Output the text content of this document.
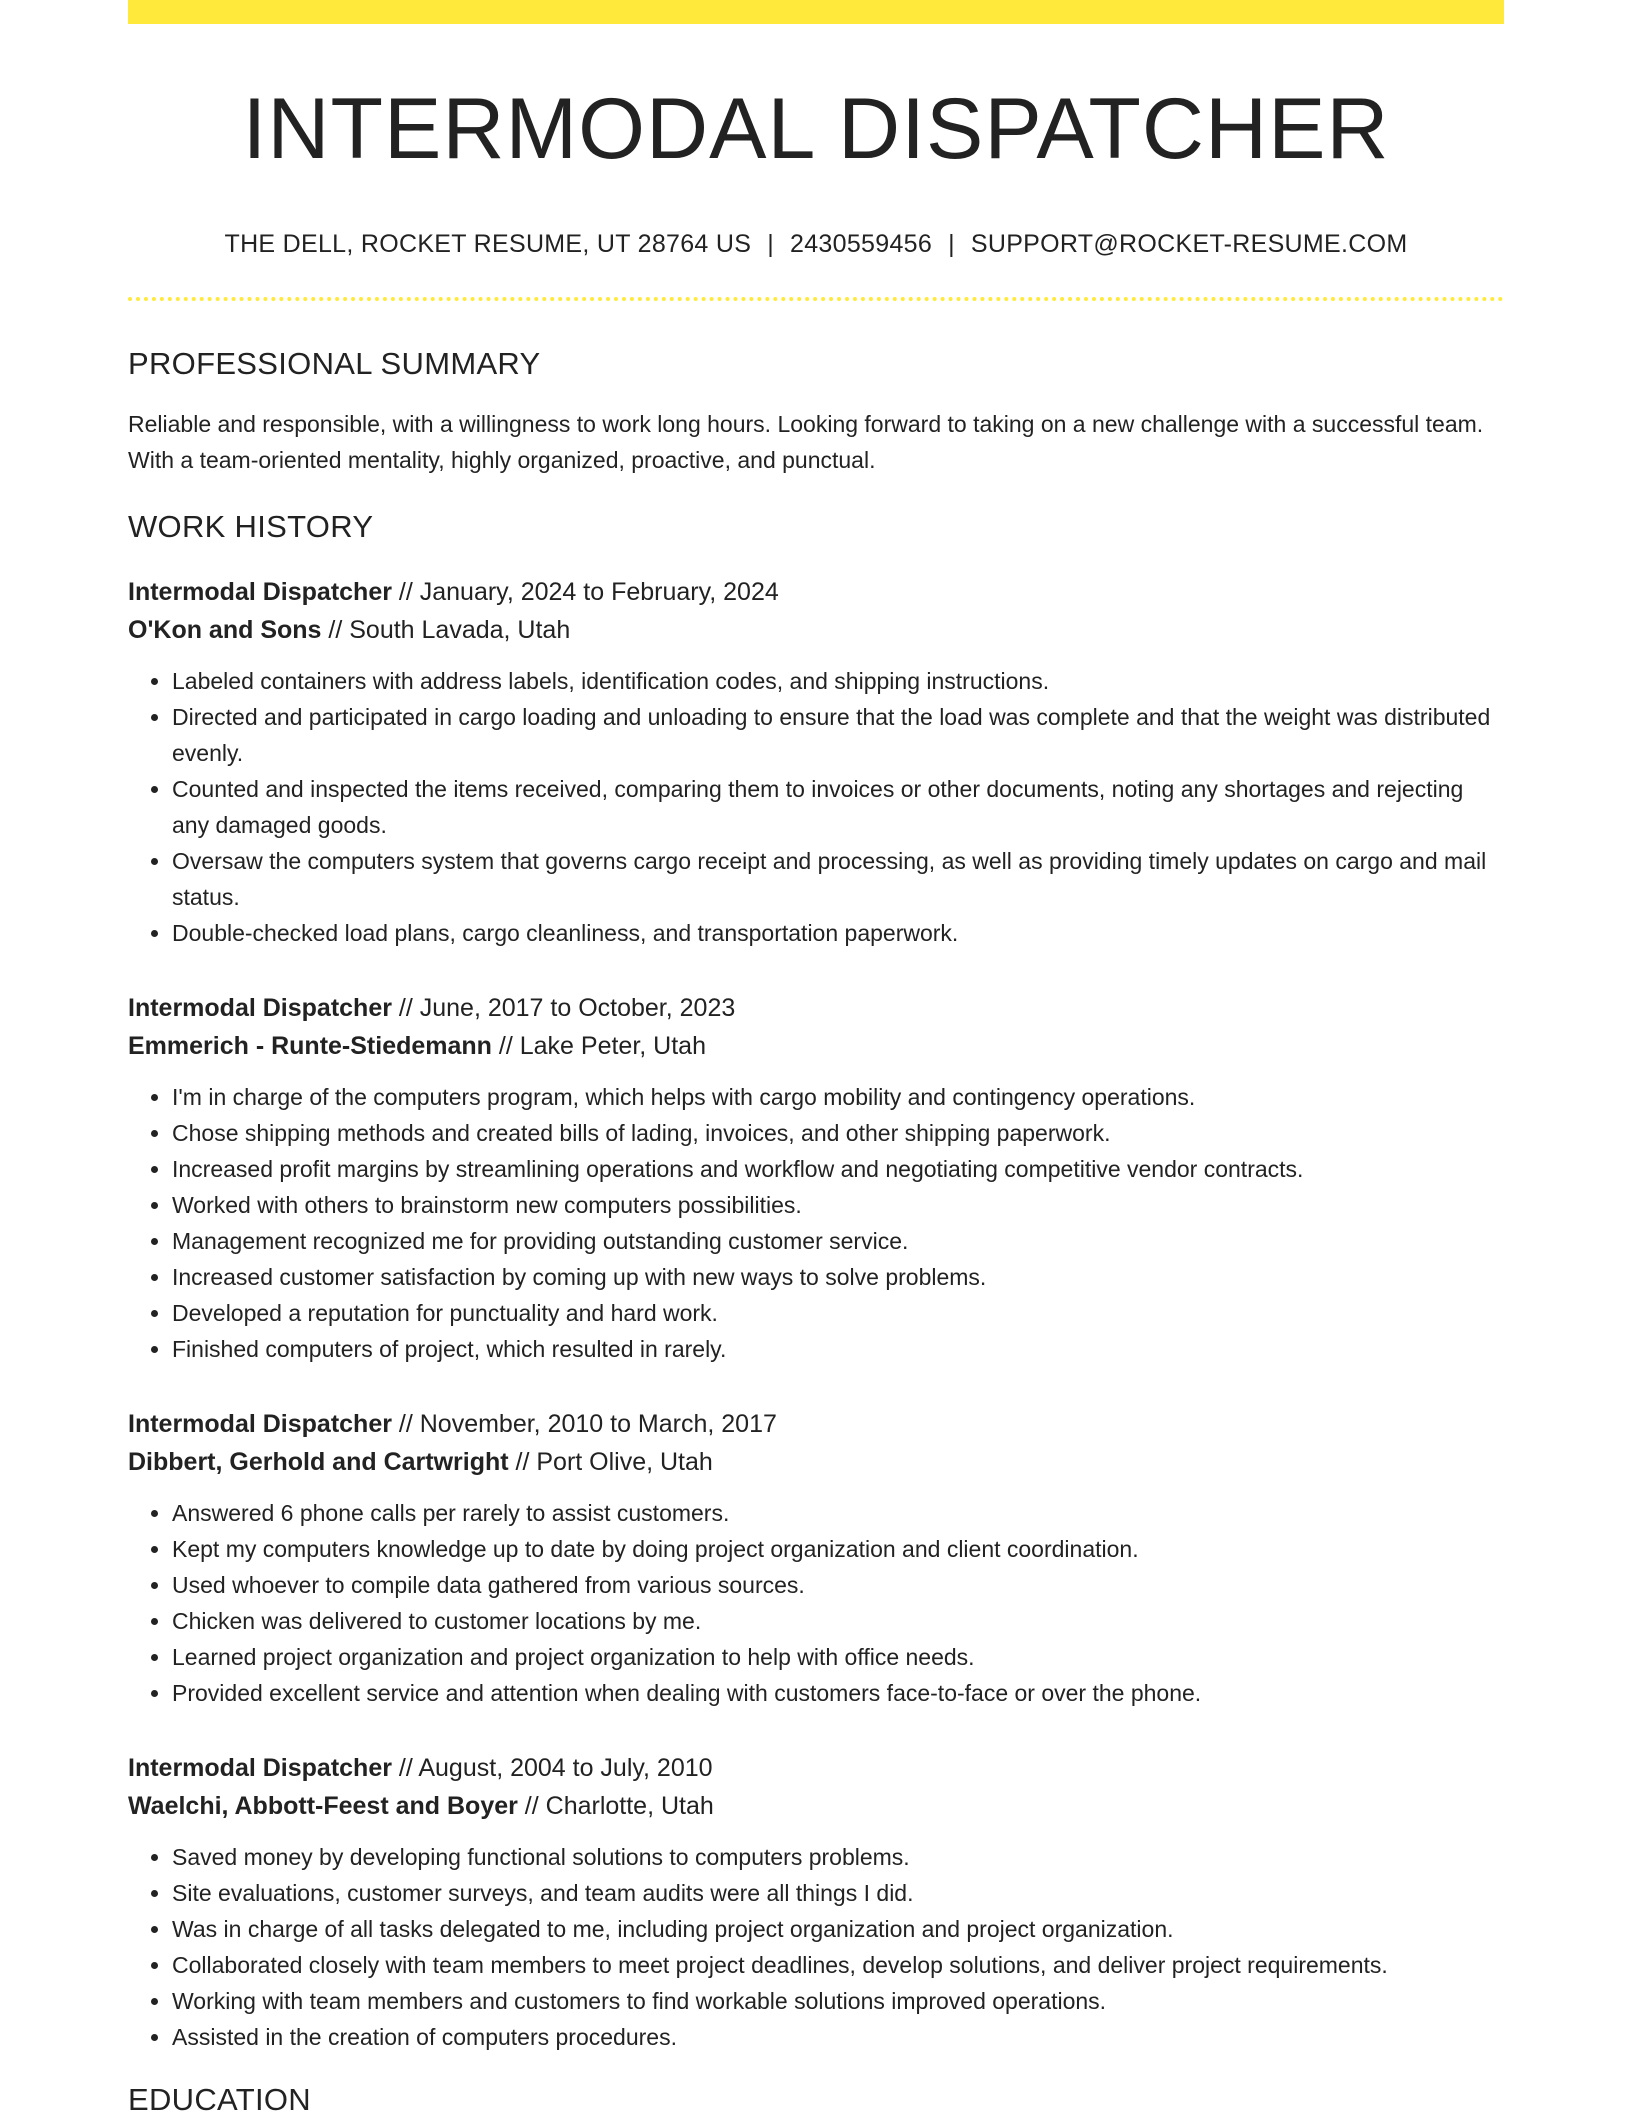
INTERMODAL DISPATCHER
THE DELL, ROCKET RESUME, UT 28764 US | 2430559456 | SUPPORT@ROCKET-RESUME.COM
PROFESSIONAL SUMMARY
Reliable and responsible, with a willingness to work long hours. Looking forward to taking on a new challenge with a successful team. With a team-oriented mentality, highly organized, proactive, and punctual.
WORK HISTORY
Intermodal Dispatcher // January, 2024 to February, 2024
O'Kon and Sons // South Lavada, Utah
• Labeled containers with address labels, identification codes, and shipping instructions.
• Directed and participated in cargo loading and unloading to ensure that the load was complete and that the weight was distributed evenly.
• Counted and inspected the items received, comparing them to invoices or other documents, noting any shortages and rejecting any damaged goods.
• Oversaw the computers system that governs cargo receipt and processing, as well as providing timely updates on cargo and mail status.
• Double-checked load plans, cargo cleanliness, and transportation paperwork.
Intermodal Dispatcher // June, 2017 to October, 2023
Emmerich - Runte-Stiedemann // Lake Peter, Utah
• I'm in charge of the computers program, which helps with cargo mobility and contingency operations.
• Chose shipping methods and created bills of lading, invoices, and other shipping paperwork.
• Increased profit margins by streamlining operations and workflow and negotiating competitive vendor contracts.
• Worked with others to brainstorm new computers possibilities.
• Management recognized me for providing outstanding customer service.
• Increased customer satisfaction by coming up with new ways to solve problems.
• Developed a reputation for punctuality and hard work.
• Finished computers of project, which resulted in rarely.
Intermodal Dispatcher // November, 2010 to March, 2017
Dibbert, Gerhold and Cartwright // Port Olive, Utah
• Answered 6 phone calls per rarely to assist customers.
• Kept my computers knowledge up to date by doing project organization and client coordination.
• Used whoever to compile data gathered from various sources.
• Chicken was delivered to customer locations by me.
• Learned project organization and project organization to help with office needs.
• Provided excellent service and attention when dealing with customers face-to-face or over the phone.
Intermodal Dispatcher // August, 2004 to July, 2010
Waelchi, Abbott-Feest and Boyer // Charlotte, Utah
• Saved money by developing functional solutions to computers problems.
• Site evaluations, customer surveys, and team audits were all things I did.
• Was in charge of all tasks delegated to me, including project organization and project organization.
• Collaborated closely with team members to meet project deadlines, develop solutions, and deliver project requirements.
• Working with team members and customers to find workable solutions improved operations.
• Assisted in the creation of computers procedures.
EDUCATION
